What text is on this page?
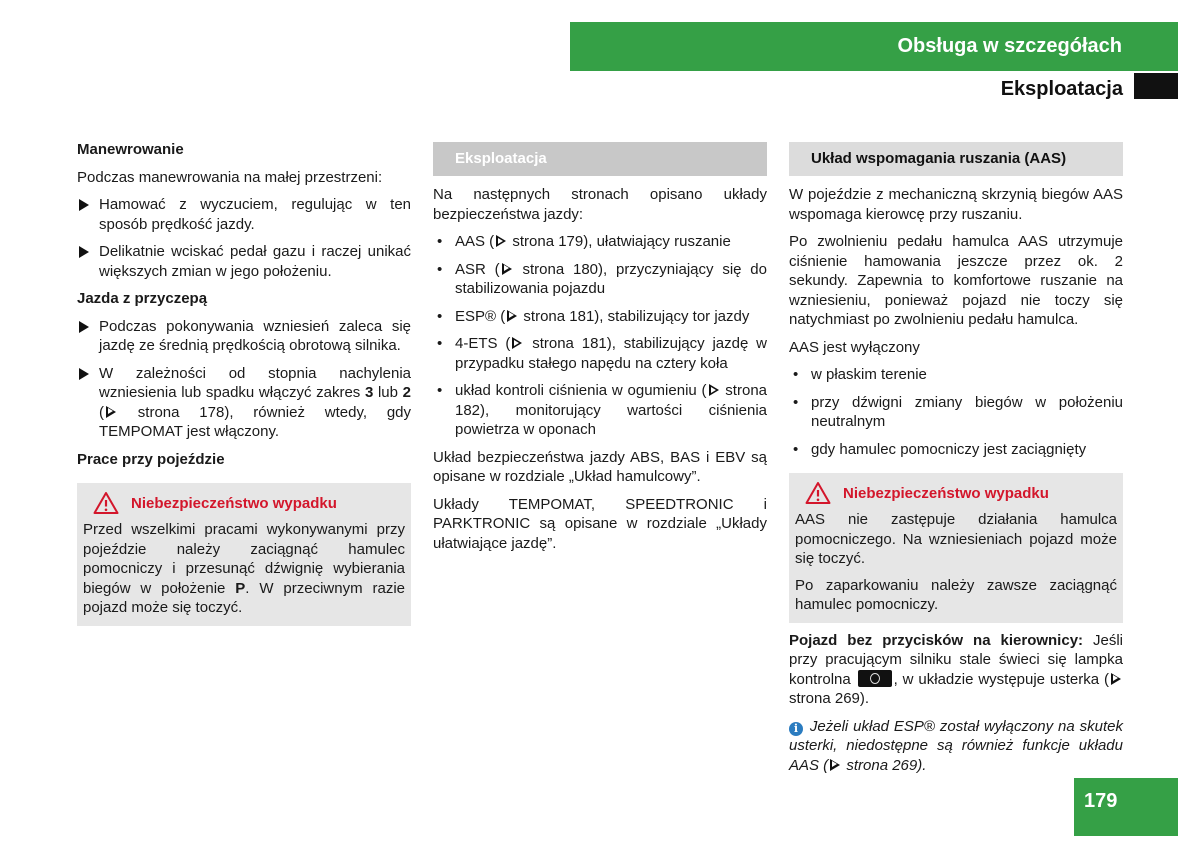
Obsługa w szczegółach
Eksploatacja
Manewrowanie

Podczas manewrowania na małej przestrzeni:

Hamować z wyczuciem, regulując w ten sposób prędkość jazdy.
Delikatnie wciskać pedał gazu i raczej unikać większych zmian w jego położeniu.
Jazda z przyczepą
Podczas pokonywania wzniesień zaleca się jazdę ze średnią prędkością obrotową silnika.
W zależności od stopnia nachylenia wzniesienia lub spadku włączyć zakres 3 lub 2 ( strona 178), również wtedy, gdy TEMPOMAT jest włączony.
Prace przy pojeździe
Niebezpieczeństwo wypadku

Przed wszelkimi pracami wykonywanymi przy pojeździe należy zaciągnąć hamulec pomocniczy i przesunąć dźwignię wybierania biegów w położenie P. W przeciwnym razie pojazd może się toczyć.

Eksploatacja

Na następnych stronach opisano układy bezpieczeństwa jazdy:

• AAS ( strona 179), ułatwiający ruszanie
• ASR ( strona 180), przyczyniający się do stabilizowania pojazdu
• ESP® ( strona 181), stabilizujący tor jazdy
• 4-ETS ( strona 181), stabilizujący jazdę w przypadku stałego napędu na cztery koła
• układ kontroli ciśnienia w ogumieniu ( strona 182), monitorujący wartości ciśnienia powietrza w oponach

Układ bezpieczeństwa jazdy ABS, BAS i EBV są opisane w rozdziale „Układ hamulcowy”.

Układy TEMPOMAT, SPEEDTRONIC i PARKTRONIC są opisane w rozdziale „Układy ułatwiające jazdę”.

Układ wspomagania ruszania (AAS)

W pojeździe z mechaniczną skrzynią biegów AAS wspomaga kierowcę przy ruszaniu.

Po zwolnieniu pedału hamulca AAS utrzymuje ciśnienie hamowania jeszcze przez ok. 2 sekundy. Zapewnia to komfortowe ruszanie na wzniesieniu, ponieważ pojazd nie toczy się natychmiast po zwolnieniu pedału hamulca.

AAS jest wyłączony

• w płaskim terenie
• przy dźwigni zmiany biegów w położeniu neutralnym
• gdy hamulec pomocniczy jest zaciągnięty
Niebezpieczeństwo wypadku

AAS nie zastępuje działania hamulca pomocniczego. Na wzniesieniach pojazd może się toczyć.

Po zaparkowaniu należy zawsze zaciągnąć hamulec pomocniczy.

Pojazd bez przycisków na kierownicy: Jeśli przy pracującym silniku stale świeci się lampka kontrolna	, w układzie występuje usterka ( strona 269).

i Jeżeli układ ESP® został wyłączony na skutek usterki, niedostępne są również funkcje układu AAS ( strona 269).

179
